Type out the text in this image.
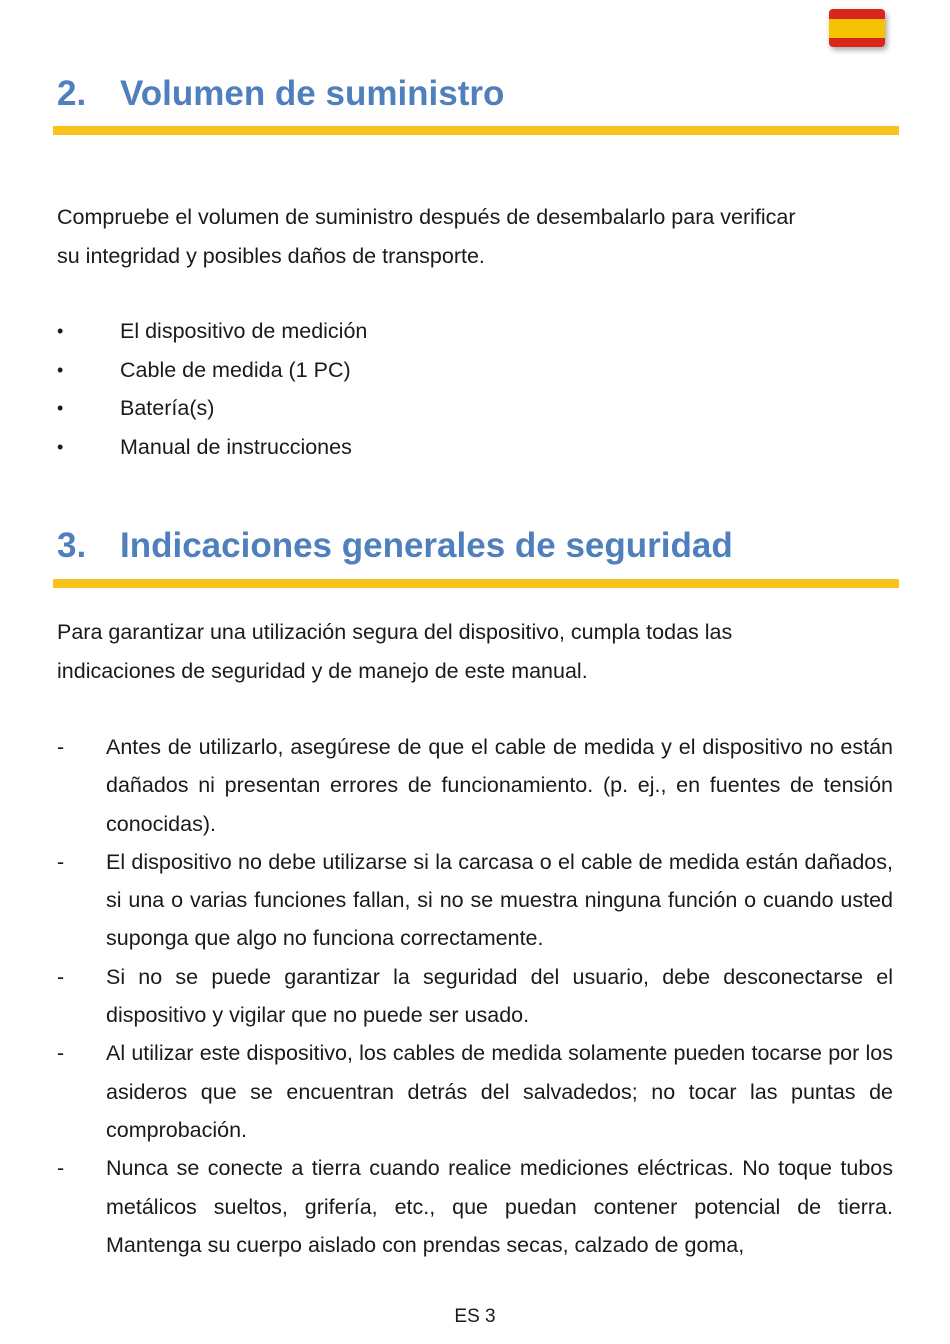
2. Volumen de suministro

Compruebe el volumen de suministro después de desembalarlo para verificar
su integridad y posibles daños de transporte.

•	El dispositivo de medición
•	Cable de medida (1 PC)
•	Batería(s)
•	Manual de instrucciones
3. Indicaciones generales de seguridad

Para garantizar una utilización segura del dispositivo, cumpla todas las
indicaciones de seguridad y de manejo de este manual.

-	Antes de utilizarlo, asegúrese de que el cable de medida y el dispositivo no están dañados ni presentan errores de funcionamiento. (p. ej., en fuentes de tensión conocidas).
-	El dispositivo no debe utilizarse si la carcasa o el cable de medida están dañados, si una o varias funciones fallan, si no se muestra ninguna función o cuando usted suponga que algo no funciona correctamente.
-	Si no se puede garantizar la seguridad del usuario, debe desconectarse el dispositivo y vigilar que no puede ser usado.
-	Al utilizar este dispositivo, los cables de medida solamente pueden tocarse por los asideros que se encuentran detrás del salvadedos; no tocar las puntas de comprobación.
-	Nunca se conecte a tierra cuando realice mediciones eléctricas. No toque tubos metálicos sueltos, grifería, etc., que puedan contener potencial de tierra. Mantenga su cuerpo aislado con prendas secas, calzado de goma,
ES 3
